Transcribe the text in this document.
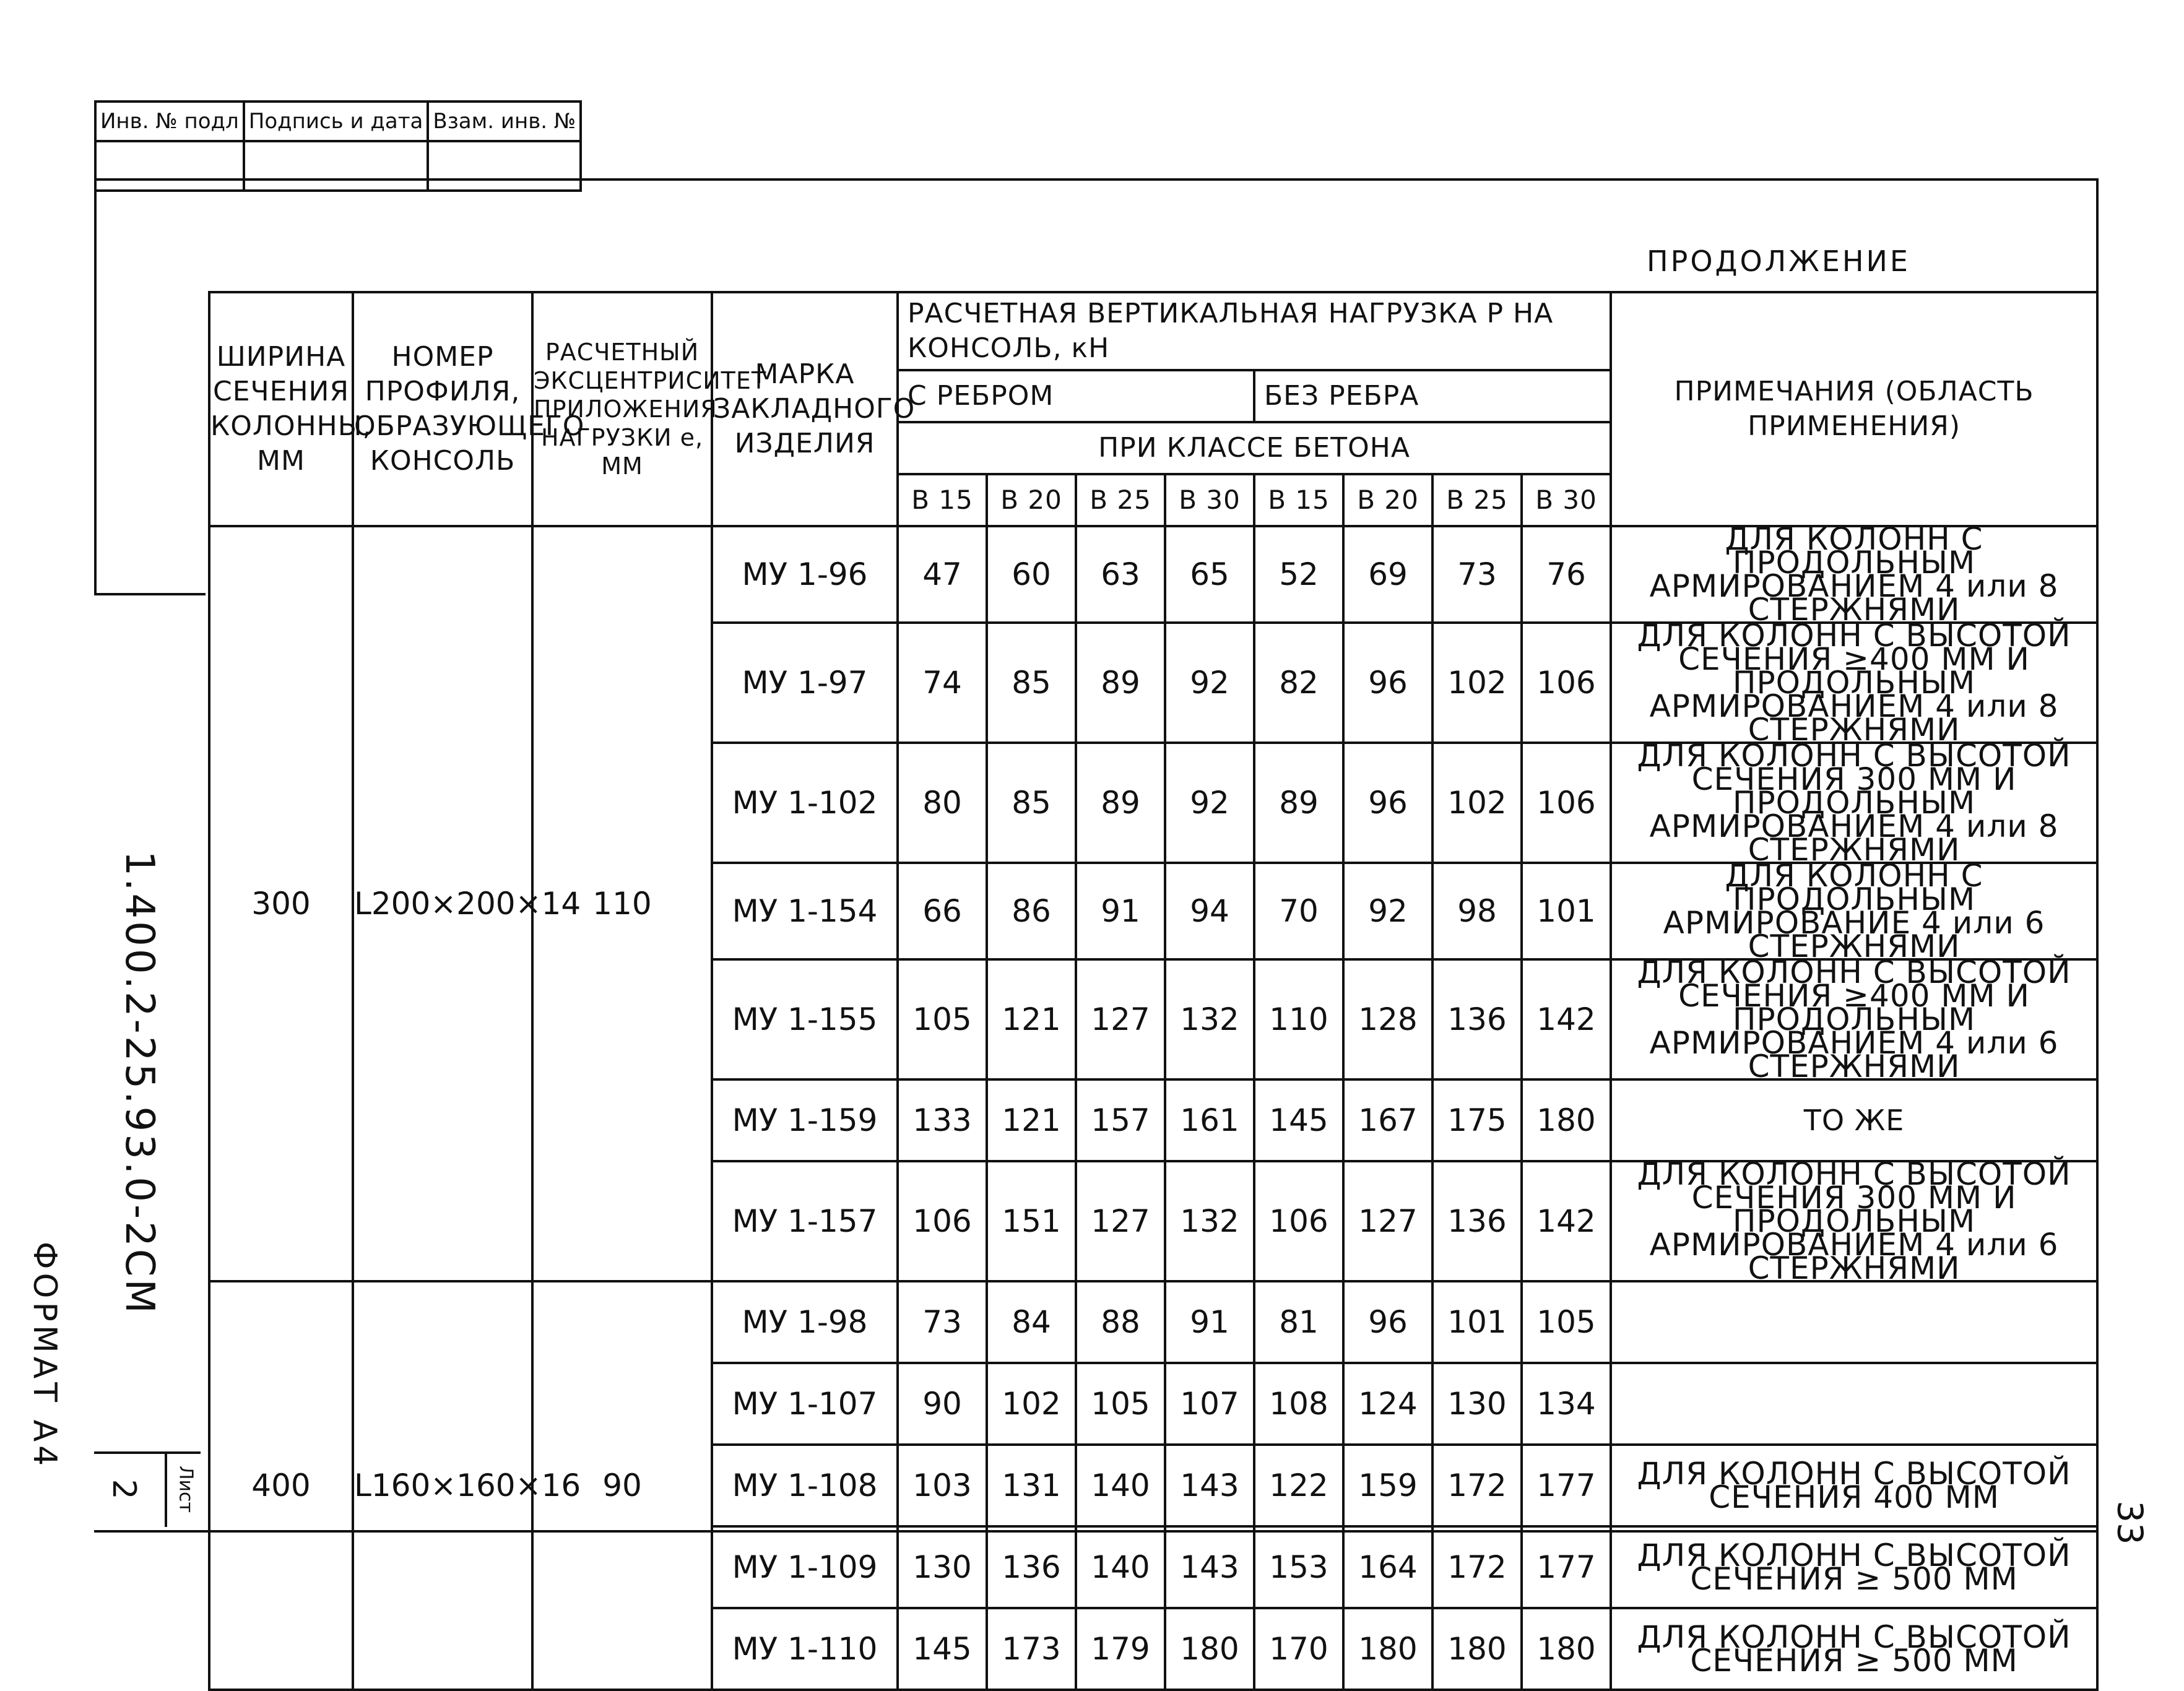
Инв. № подл	Подпись и дата	Взам. инв. №

1.400.2-25.93.0-2СМ
ФОРМАТ А4
2 Лист
33
ПРОДОЛЖЕНИЕ
ШИРИНА СЕЧЕНИЯ КОЛОННЫ, ММ	НОМЕР ПРОФИЛЯ, ОБРАЗУЮЩЕГО КОНСОЛЬ	РАСЧЕТНЫЙ ЭКСЦЕНТРИСИТЕТ ПРИЛОЖЕНИЯ НАГРУЗКИ е, ММ	МАРКА ЗАКЛАДНОГО ИЗДЕЛИЯ	РАСЧЕТНАЯ ВЕРТИКАЛЬНАЯ НАГРУЗКА Р НА КОНСОЛЬ, кН								ПРИМЕЧАНИЯ (ОБЛАСТЬ ПРИМЕНЕНИЯ)
				С РЕБРОМ				БЕЗ РЕБРА				
				ПРИ КЛАССЕ БЕТОНА								
				В 15	В 20	В 25	В 30	В 15	В 20	В 25	В 30	
300	L200×200×14	110	МУ 1-96	47	60	63	65	52	69	73	76	ДЛЯ КОЛОНН С ПРОДОЛЬНЫМ АРМИРОВАНИЕМ 4 или 8 СТЕРЖНЯМИ
			МУ 1-97	74	85	89	92	82	96	102	106	ДЛЯ КОЛОНН С ВЫСОТОЙ СЕЧЕНИЯ ≥400 ММ И ПРОДОЛЬНЫМ АРМИРОВАНИЕМ 4 или 8 СТЕРЖНЯМИ
			МУ 1-102	80	85	89	92	89	96	102	106	ДЛЯ КОЛОНН С ВЫСОТОЙ СЕЧЕНИЯ 300 ММ И ПРОДОЛЬНЫМ АРМИРОВАНИЕМ 4 или 8 СТЕРЖНЯМИ
			МУ 1-154	66	86	91	94	70	92	98	101	ДЛЯ КОЛОНН С ПРОДОЛЬНЫМ АРМИРОВАНИЕ 4 или 6 СТЕРЖНЯМИ
			МУ 1-155	105	121	127	132	110	128	136	142	ДЛЯ КОЛОНН С ВЫСОТОЙ СЕЧЕНИЯ ≥400 ММ И ПРОДОЛЬНЫМ АРМИРОВАНИЕМ 4 или 6 СТЕРЖНЯМИ
			МУ 1-159	133	121	157	161	145	167	175	180	ТО ЖЕ
			МУ 1-157	106	151	127	132	106	127	136	142	ДЛЯ КОЛОНН С ВЫСОТОЙ СЕЧЕНИЯ 300 ММ И ПРОДОЛЬНЫМ АРМИРОВАНИЕМ 4 или 6 СТЕРЖНЯМИ
400	L160×160×16	90	МУ 1-98	73	84	88	91	81	96	101	105	
			МУ 1-107	90	102	105	107	108	124	130	134	
			МУ 1-108	103	131	140	143	122	159	172	177	ДЛЯ КОЛОНН С ВЫСОТОЙ СЕЧЕНИЯ 400 ММ
			МУ 1-109	130	136	140	143	153	164	172	177	ДЛЯ КОЛОНН С ВЫСОТОЙ СЕЧЕНИЯ ≥ 500 ММ
			МУ 1-110	145	173	179	180	170	180	180	180	ДЛЯ КОЛОНН С ВЫСОТОЙ СЕЧЕНИЯ ≥ 500 ММ
